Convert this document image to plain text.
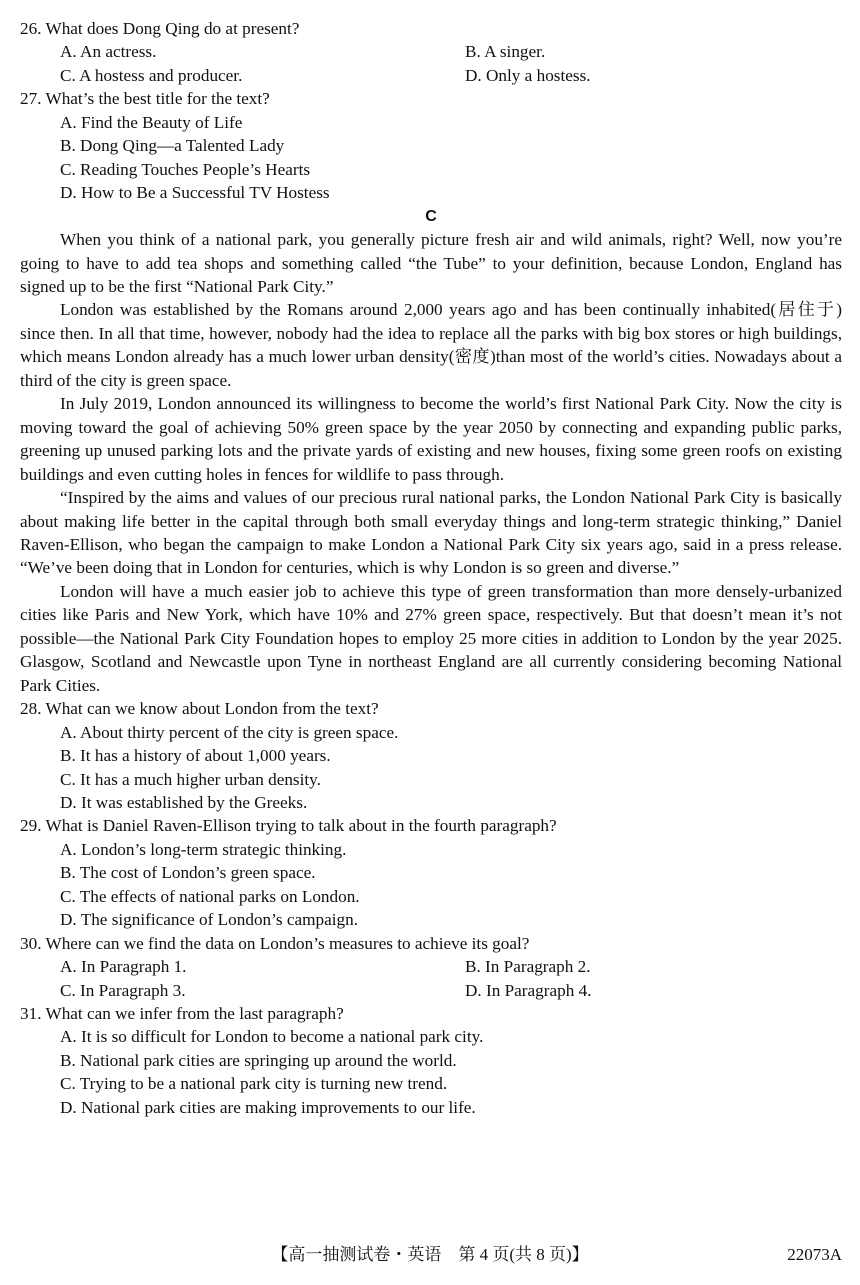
26. What does Dong Qing do at present?
A. An actress.	B. A singer.
C. A hostess and producer.	D. Only a hostess.
27. What’s the best title for the text?
A. Find the Beauty of Life
B. Dong Qing—a Talented Lady
C. Reading Touches People’s Hearts
D. How to Be a Successful TV Hostess
C

When you think of a national park, you generally picture fresh air and wild animals, right? Well, now you’re going to have to add tea shops and something called “the Tube” to your definition, because London, England has signed up to be the first “National Park City.”

London was established by the Romans around 2,000 years ago and has been continually inhabited(居住于) since then. In all that time, however, nobody had the idea to replace all the parks with big box stores or high buildings, which means London already has a much lower urban density(密度)than most of the world’s cities. Nowadays about a third of the city is green space.

In July 2019, London announced its willingness to become the world’s first National Park City. Now the city is moving toward the goal of achieving 50% green space by the year 2050 by connecting and expanding public parks, greening up unused parking lots and the private yards of existing and new houses, fixing some green roofs on existing buildings and even cutting holes in fences for wildlife to pass through.

“Inspired by the aims and values of our precious rural national parks, the London National Park City is basically about making life better in the capital through both small everyday things and long-term strategic thinking,” Daniel Raven-Ellison, who began the campaign to make London a National Park City six years ago, said in a press release. “We’ve been doing that in London for centuries, which is why London is so green and diverse.”

London will have a much easier job to achieve this type of green transformation than more densely-urbanized cities like Paris and New York, which have 10% and 27% green space, respectively. But that doesn’t mean it’s not possible—the National Park City Foundation hopes to employ 25 more cities in addition to London by the year 2025. Glasgow, Scotland and Newcastle upon Tyne in northeast England are all currently considering becoming National Park Cities.

28. What can we know about London from the text?
A. About thirty percent of the city is green space.
B. It has a history of about 1,000 years.
C. It has a much higher urban density.
D. It was established by the Greeks.
29. What is Daniel Raven-Ellison trying to talk about in the fourth paragraph?
A. London’s long-term strategic thinking.
B. The cost of London’s green space.
C. The effects of national parks on London.
D. The significance of London’s campaign.
30. Where can we find the data on London’s measures to achieve its goal?
A. In Paragraph 1.	B. In Paragraph 2.
C. In Paragraph 3.	D. In Paragraph 4.
31. What can we infer from the last paragraph?
A. It is so difficult for London to become a national park city.
B. National park cities are springing up around the world.
C. Trying to be a national park city is turning new trend.
D. National park cities are making improvements to our life.
【高一抽测试卷・英语　第 4 页(共 8 页)】	22073A
